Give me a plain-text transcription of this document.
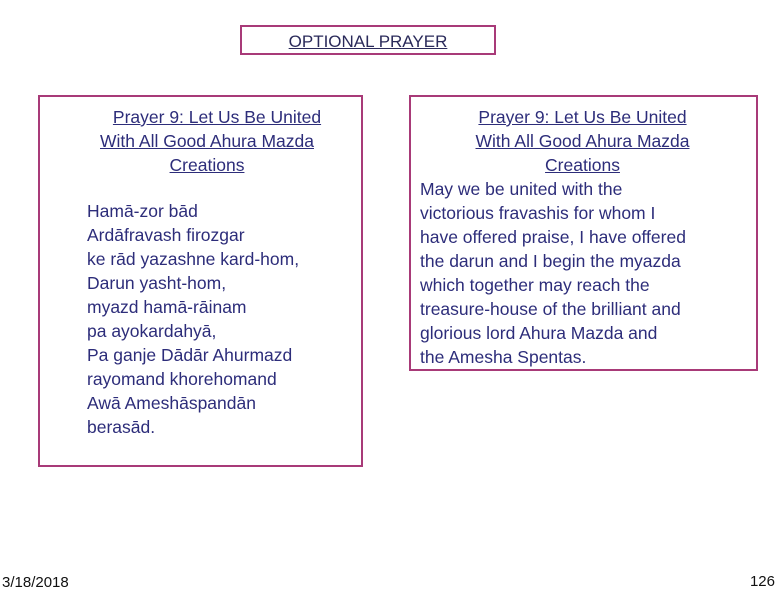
OPTIONAL PRAYER
Prayer 9: Let Us Be United
With All Good Ahura Mazda
Creations
Hamā-zor bād
Ardāfravash firozgar
ke rād yazashne kard-hom,
Darun yasht-hom,
myazd hamā-rāinam
pa ayokardahyā,
Pa ganje Dādār Ahurmazd
rayomand khorehomand
Awā Ameshāspandān
berasād.
Prayer 9: Let Us Be United
With All Good Ahura Mazda
Creations
May we be united with the
victorious fravashis for whom I
have offered praise, I have offered
the darun and I begin the myazda
which together may reach the
treasure-house of the brilliant and
glorious lord Ahura Mazda and
the Amesha Spentas.
3/18/2018	126
